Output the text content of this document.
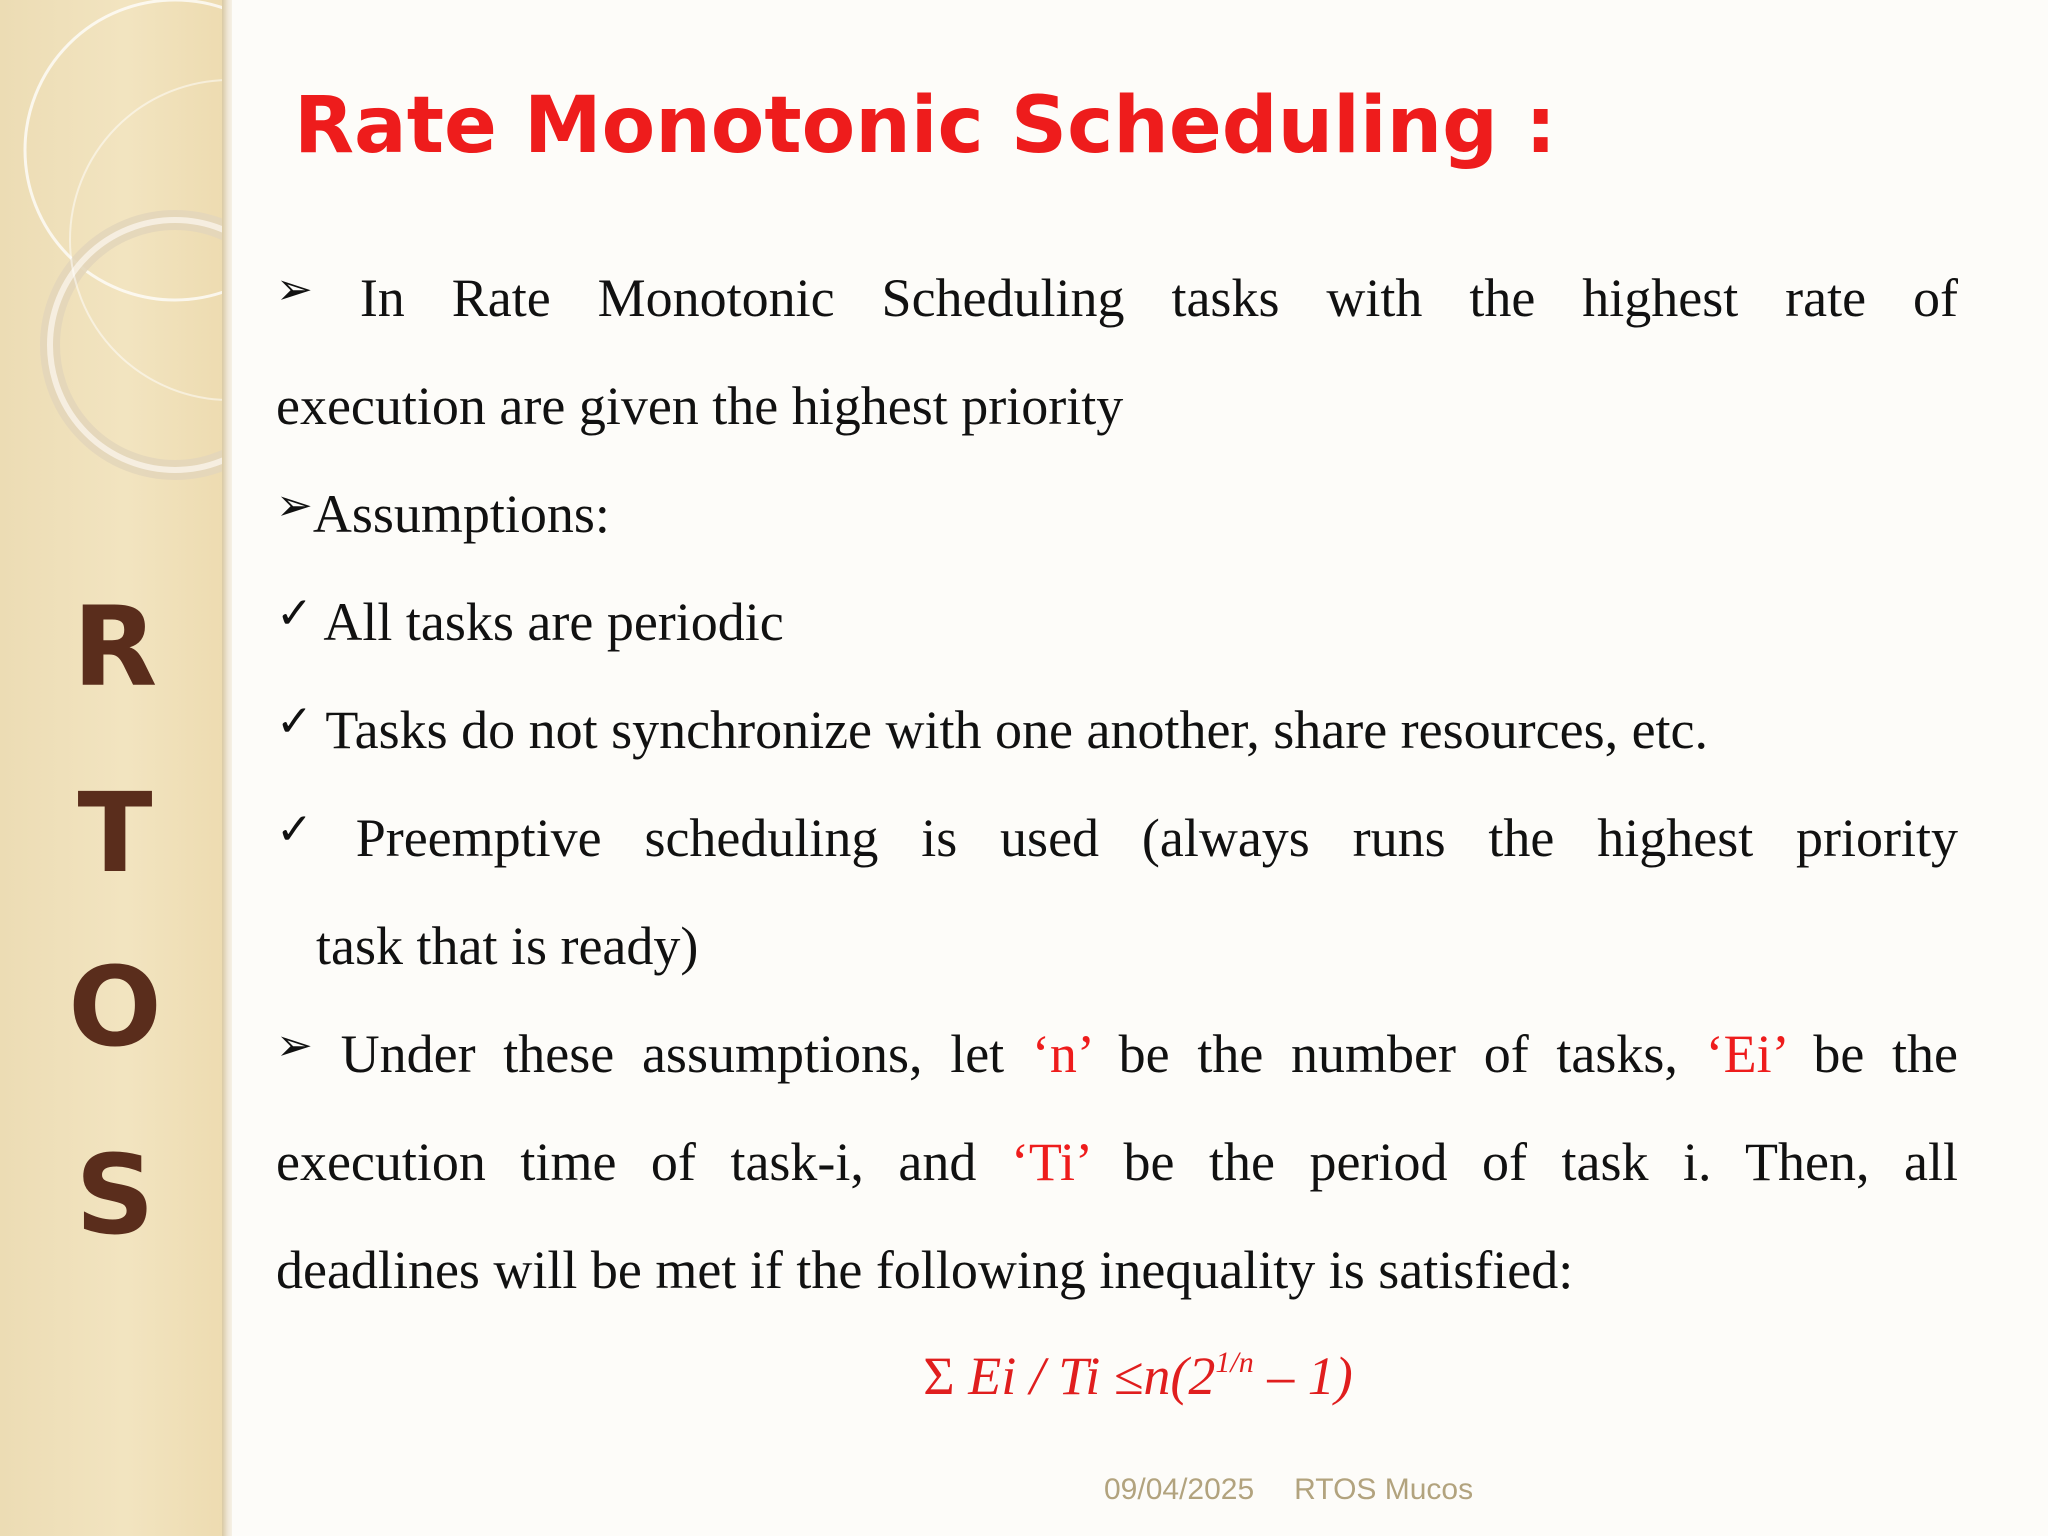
R
T
O
S
Rate Monotonic Scheduling :

➢ In Rate Monotonic Scheduling tasks with the highest rate of

execution are given the highest priority

➢Assumptions:

✓ All tasks are periodic

✓ Tasks do not synchronize with one another, share resources, etc.

✓ Preemptive scheduling is used (always runs the highest priority

task that is ready)

➢ Under these assumptions, let ‘n’ be the number of tasks, ‘Ei’ be the

execution time of task-i, and ‘Ti’ be the period of task i. Then, all

deadlines will be met if the following inequality is satisfied:

Σ $Ei / Ti \le n(2^{1/n} - 1)$
09/04/2025 RTOS Mucos
